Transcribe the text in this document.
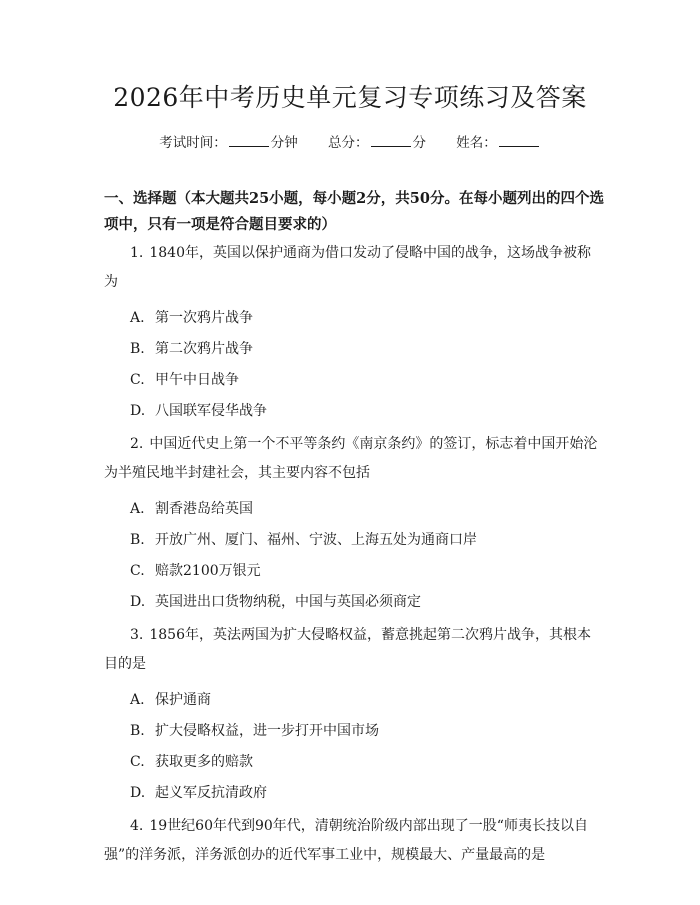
2026年中考历史单元复习专项练习及答案
考试时间：	分钟 总分：	分 姓名：

一、选择题（本大题共25小题，每小题2分，共50分。在每小题列出的四个选项中，只有一项是符合题目要求的）

1. 1840年，英国以保护通商为借口发动了侵略中国的战争，这场战争被称为

A. 第一次鸦片战争
B. 第二次鸦片战争
C. 甲午中日战争
D. 八国联军侵华战争

2. 中国近代史上第一个不平等条约《南京条约》的签订，标志着中国开始沦为半殖民地半封建社会，其主要内容不包括

A. 割香港岛给英国
B. 开放广州、厦门、福州、宁波、上海五处为通商口岸
C. 赔款2100万银元
D. 英国进出口货物纳税，中国与英国必须商定

3. 1856年，英法两国为扩大侵略权益，蓄意挑起第二次鸦片战争，其根本目的是

A. 保护通商
B. 扩大侵略权益，进一步打开中国市场
C. 获取更多的赔款
D. 起义军反抗清政府

4. 19世纪60年代到90年代，清朝统治阶级内部出现了一股“师夷长技以自强”的洋务派，洋务派创办的近代军事工业中，规模最大、产量最高的是
